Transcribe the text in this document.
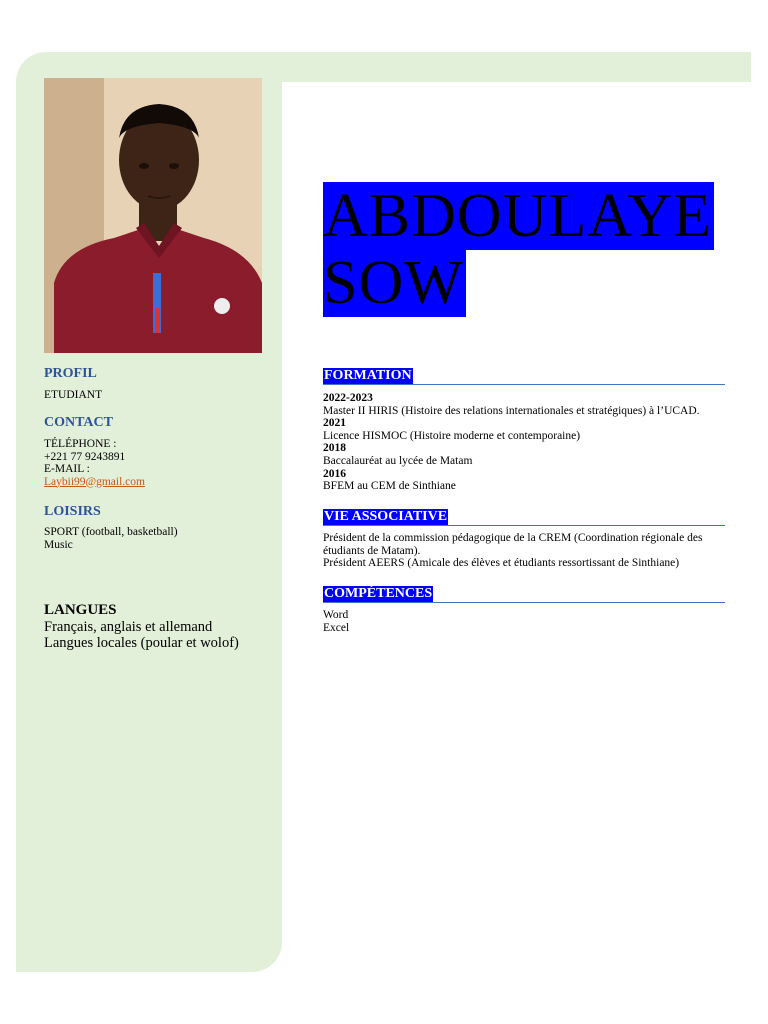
PROFIL
ETUDIANT
CONTACT
TÉLÉPHONE :
+221 77 9243891
E-MAIL :
Laybii99@gmail.com
LOISIRS
SPORT (football, basketball)
Music
LANGUES
Français, anglais et allemand
Langues locales (poular et wolof)
ABDOULAYE
SOW
FORMATION
2022-2023
Master II HIRIS (Histoire des relations internationales et stratégiques) à l’UCAD.
2021
Licence HISMOC (Histoire moderne et contemporaine)
2018
Baccalauréat au lycée de Matam
2016
BFEM au CEM de Sinthiane
VIE ASSOCIATIVE
Président de la commission pédagogique de la CREM (Coordination régionale des étudiants de Matam).
Président AEERS (Amicale des élèves et étudiants ressortissant de Sinthiane)
COMPÉTENCES
Word
Excel
